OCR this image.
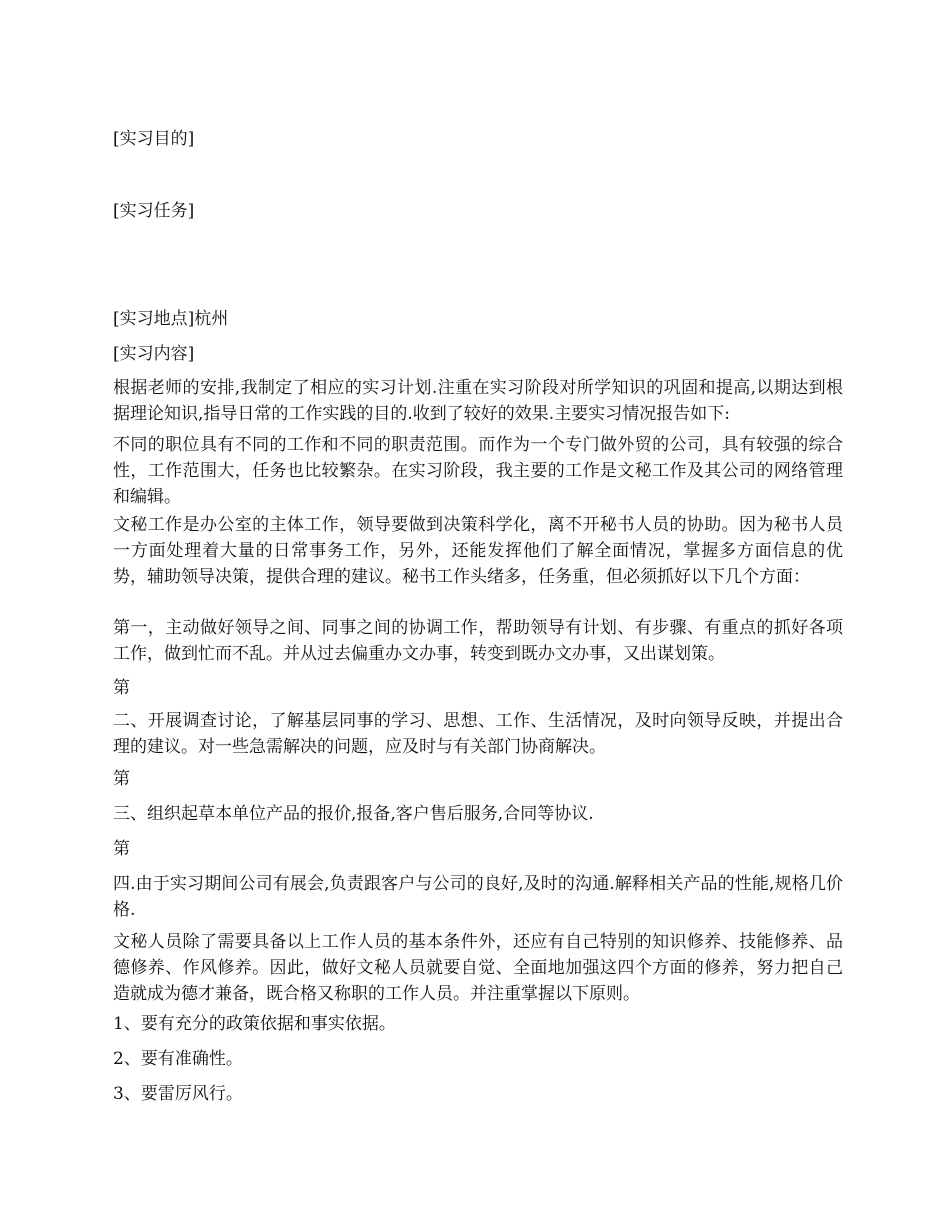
[实习目的]
[实习任务]
[实习地点]杭州
[实习内容]
根据老师的安排,我制定了相应的实习计划.注重在实习阶段对所学知识的巩固和提高,以期达到根据理论知识,指导日常的工作实践的目的.收到了较好的效果.主要实习情况报告如下:
不同的职位具有不同的工作和不同的职责范围。而作为一个专门做外贸的公司，具有较强的综合性，工作范围大，任务也比较繁杂。在实习阶段，我主要的工作是文秘工作及其公司的网络管理和编辑。
文秘工作是办公室的主体工作，领导要做到决策科学化，离不开秘书人员的协助。因为秘书人员一方面处理着大量的日常事务工作，另外，还能发挥他们了解全面情况，掌握多方面信息的优势，辅助领导决策，提供合理的建议。秘书工作头绪多，任务重，但必须抓好以下几个方面：
第一，主动做好领导之间、同事之间的协调工作，帮助领导有计划、有步骤、有重点的抓好各项工作，做到忙而不乱。并从过去偏重办文办事，转变到既办文办事，又出谋划策。
第
二、开展调查讨论，了解基层同事的学习、思想、工作、生活情况，及时向领导反映，并提出合理的建议。对一些急需解决的问题，应及时与有关部门协商解决。
第
三、组织起草本单位产品的报价,报备,客户售后服务,合同等协议.
第
四.由于实习期间公司有展会,负责跟客户与公司的良好,及时的沟通.解释相关产品的性能,规格几价格.
文秘人员除了需要具备以上工作人员的基本条件外，还应有自己特别的知识修养、技能修养、品德修养、作风修养。因此，做好文秘人员就要自觉、全面地加强这四个方面的修养，努力把自己造就成为德才兼备，既合格又称职的工作人员。并注重掌握以下原则。
1、要有充分的政策依据和事实依据。
2、要有准确性。
3、要雷厉风行。
